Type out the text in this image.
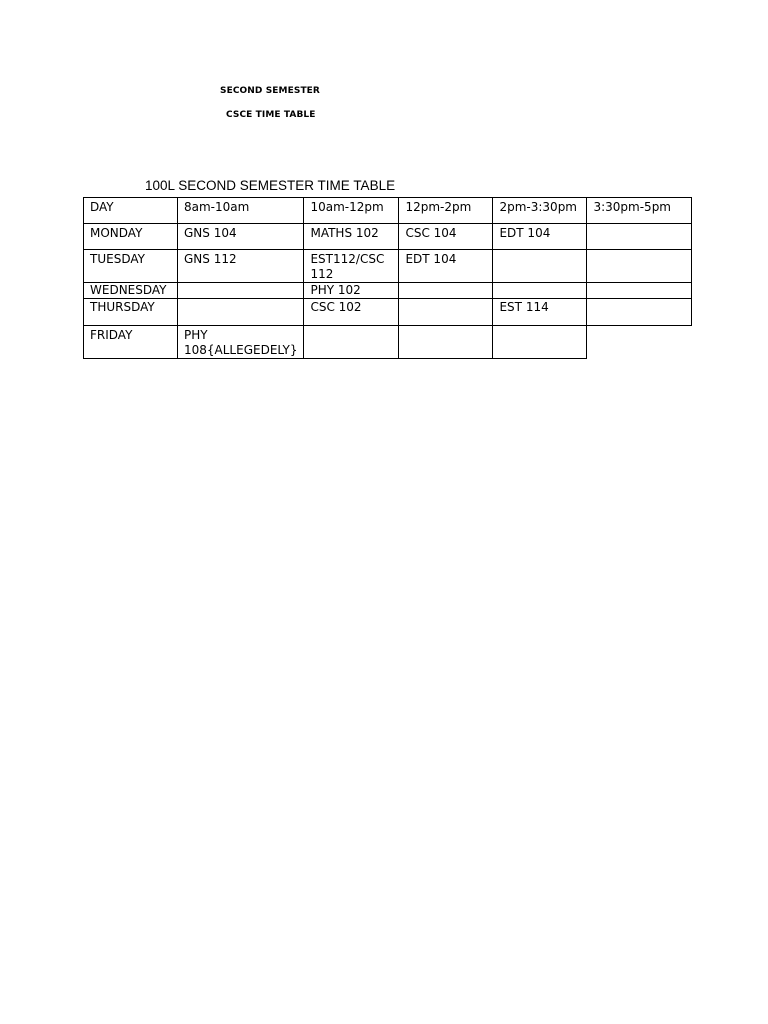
SECOND SEMESTER
CSCE TIME TABLE
100L SECOND SEMESTER TIME TABLE
DAY	8am-10am	10am-12pm	12pm-2pm	2pm-3:30pm	3:30pm-5pm
MONDAY	GNS 104	MATHS 102	CSC 104	EDT 104	
TUESDAY	GNS 112	EST112/CSC 112	EDT 104		
WEDNESDAY		PHY 102			
THURSDAY		CSC 102		EST 114	
FRIDAY	PHY 108{ALLEGEDELY}				
